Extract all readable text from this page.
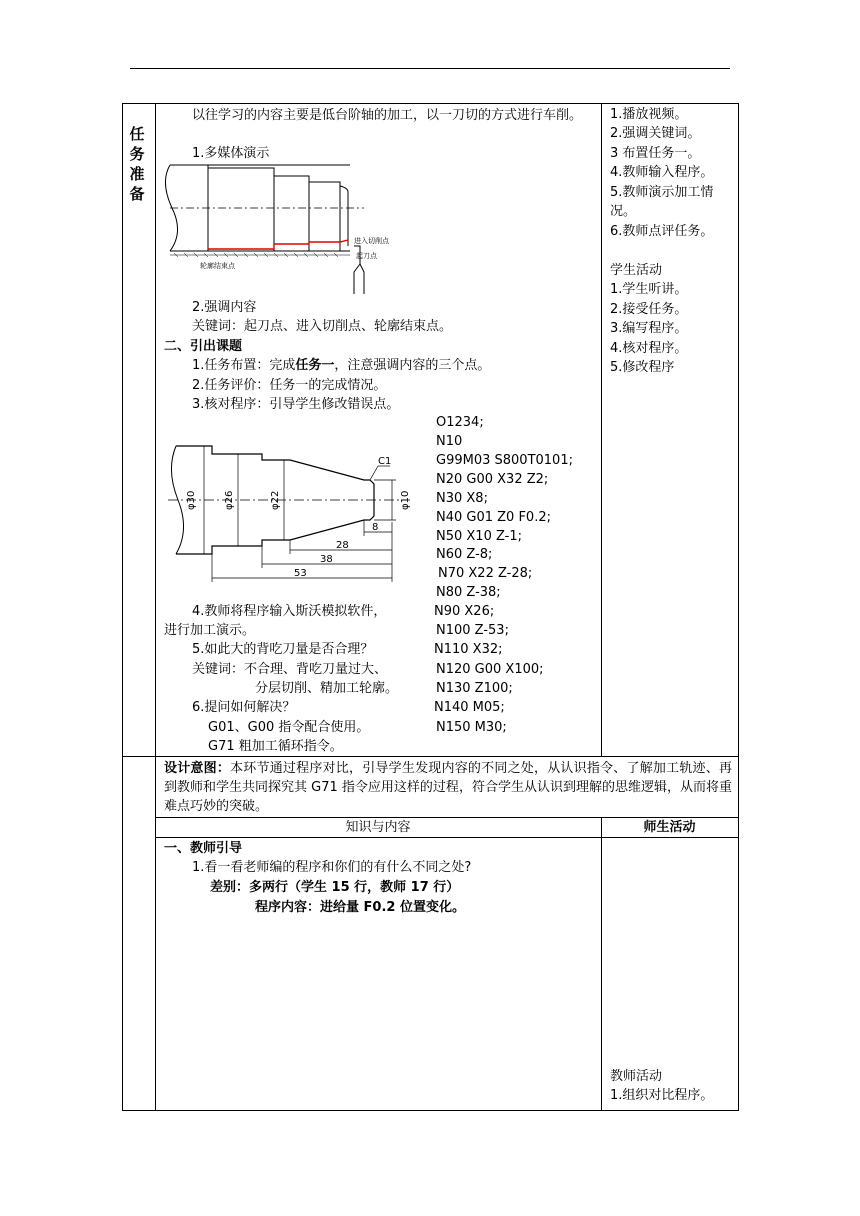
任务准备
以往学习的内容主要是低台阶轴的加工，以一刀切的方式进行车削。
1.多媒体演示
进入切削点
轮廓结束点
起刀点
2.强调内容
关键词：起刀点、进入切削点、轮廓结束点。
二、引出课题
1.任务布置：完成任务一，注意强调内容的三个点。
2.任务评价：任务一的完成情况。
3.核对程序：引导学生修改错误点。
φ30	φ26	φ22	φ10
C1
8
28
38
53
4.教师将程序输入斯沃模拟软件，
进行加工演示。
5.如此大的背吃刀量是否合理？
关键词：不合理、背吃刀量过大、
分层切削、精加工轮廓。
6.提问如何解决？
G01、G00 指令配合使用。
G71 粗加工循环指令。
O1234;
N10
G99M03 S800T0101;
N20 G00 X32 Z2;
N30 X8;
N40 G01 Z0 F0.2;
N50 X10 Z-1;
N60 Z-8;
N70 X22 Z-28;
N80 Z-38;
N90 X26;
N100 Z-53;
N110 X32;
N120 G00 X100;
N130 Z100;
N140 M05;
N150 M30;
1.播放视频。
2.强调关键词。
3 布置任务一。
4.教师输入程序。
5.教师演示加工情
况。
6.教师点评任务。
学生活动
1.学生听讲。
2.接受任务。
3.编写程序。
4.核对程序。
5.修改程序
设计意图：本环节通过程序对比，引导学生发现内容的不同之处，从认识指令、了解加工轨迹、再到教师和学生共同探究其 G71 指令应用这样的过程，符合学生从认识到理解的思维逻辑，从而将重难点巧妙的突破。
知识与内容	师生活动
一、教师引导
1.看一看老师编的程序和你们的有什么不同之处?
差别：多两行（学生 15 行，教师 17 行）
程序内容：进给量 F0.2 位置变化。
教师活动
1.组织对比程序。
